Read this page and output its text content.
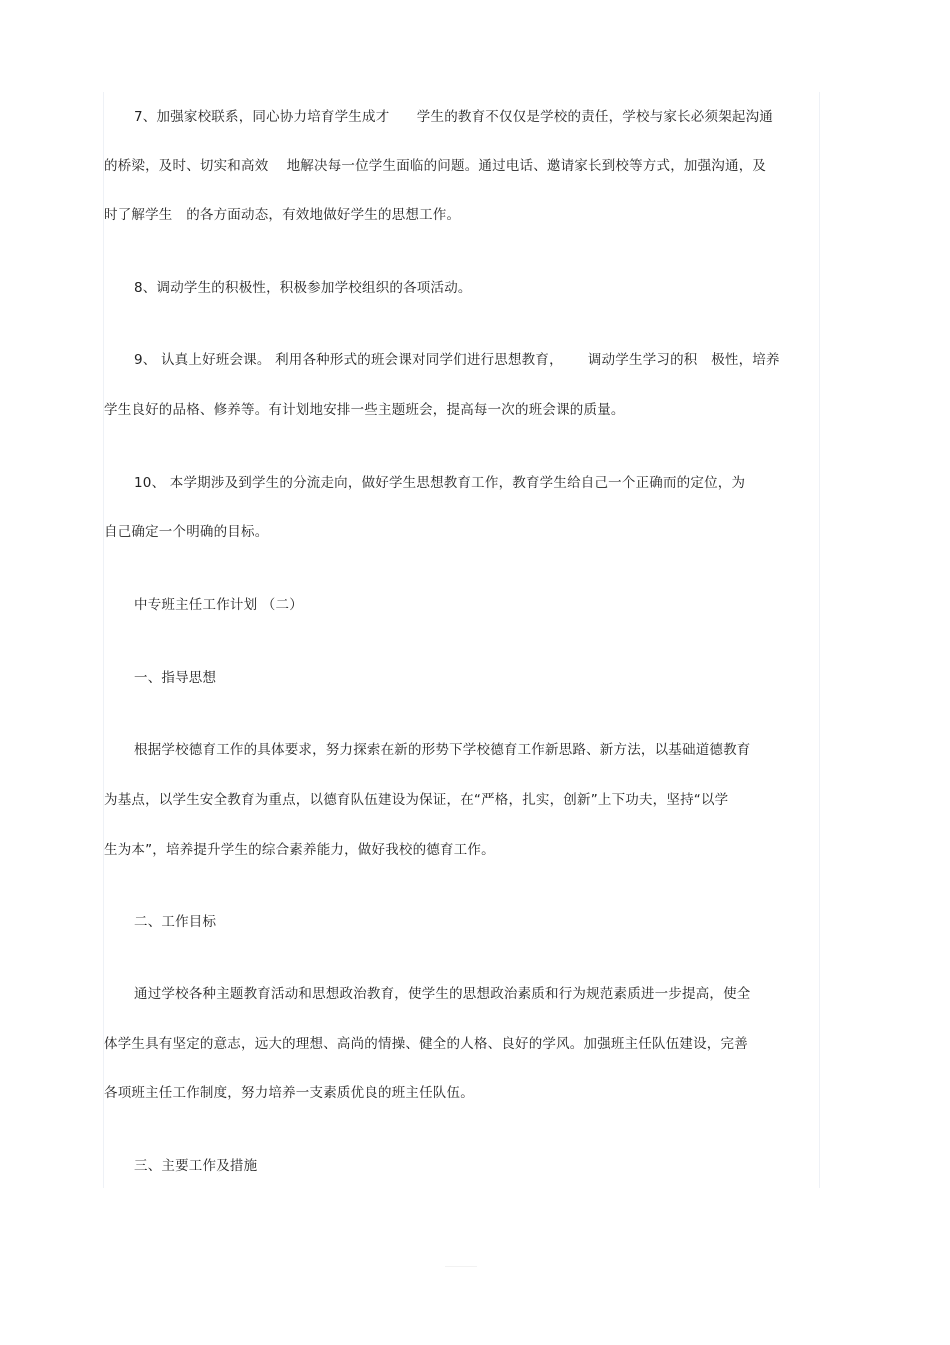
7、加强家校联系，同心协力培育学生成才　　学生的教育不仅仅是学校的责任，学校与家长必须架起沟通
的桥梁，及时、切实和高效　 地解决每一位学生面临的问题。通过电话、邀请家长到校等方式，加强沟通，及
时了解学生　的各方面动态，有效地做好学生的思想工作。
8、调动学生的积极性，积极参加学校组织的各项活动。
9、 认真上好班会课。 利用各种形式的班会课对同学们进行思想教育，　　 调动学生学习的积　极性，培养
学生良好的品格、修养等。有计划地安排一些主题班会，提高每一次的班会课的质量。
10、 本学期涉及到学生的分流走向，做好学生思想教育工作，教育学生给自己一个正确而的定位，为
自己确定一个明确的目标。
中专班主任工作计划 （二）
一、指导思想
根据学校德育工作的具体要求，努力探索在新的形势下学校德育工作新思路、新方法，以基础道德教育
为基点，以学生安全教育为重点，以德育队伍建设为保证，在“严格，扎实，创新”上下功夫，坚持“以学
生为本”，培养提升学生的综合素养能力，做好我校的德育工作。
二、工作目标
通过学校各种主题教育活动和思想政治教育，使学生的思想政治素质和行为规范素质进一步提高，使全
体学生具有坚定的意志，远大的理想、高尚的情操、健全的人格、良好的学风。加强班主任队伍建设，完善
各项班主任工作制度，努力培养一支素质优良的班主任队伍。
三、主要工作及措施
